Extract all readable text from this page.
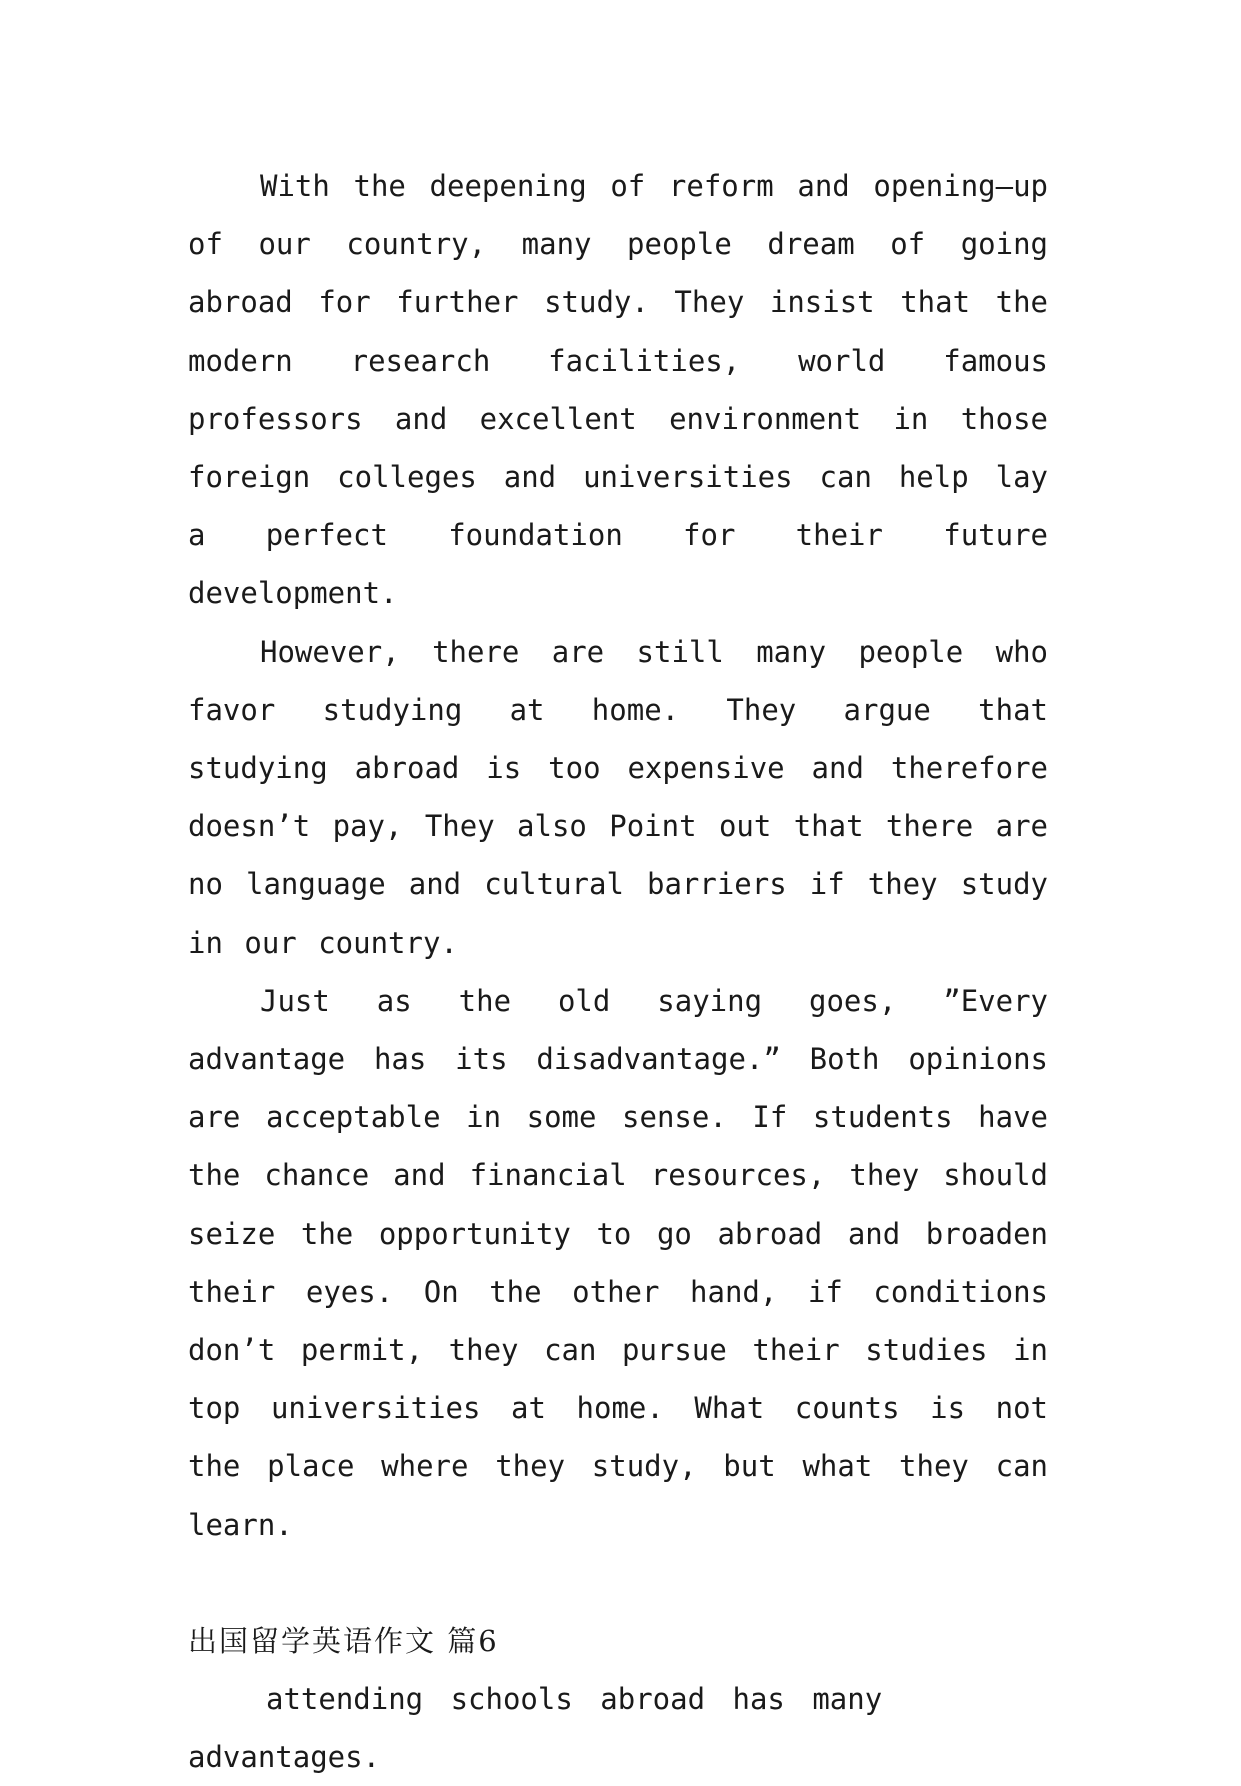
With the deepening of reform and opening—up of our country, many people dream of going abroad for further study. They insist that the modern research facilities, world famous professors and excellent environment in those foreign colleges and universities can help lay a perfect foundation for their future development.

However, there are still many people who favor studying at home. They argue that studying abroad is too expensive and therefore doesn’t pay, They also Point out that there are no language and cultural barriers if they study in our country.

Just as the old saying goes, ”Every advantage has its disadvantage.” Both opinions are acceptable in some sense. If students have the chance and financial resources, they should seize the opportunity to go abroad and broaden their eyes. On the other hand, if conditions don’t permit, they can pursue their studies in top universities at home. What counts is not the place where they study, but what they can learn.

出国留学英语作文 篇6

attending schools abroad has many advantages.
